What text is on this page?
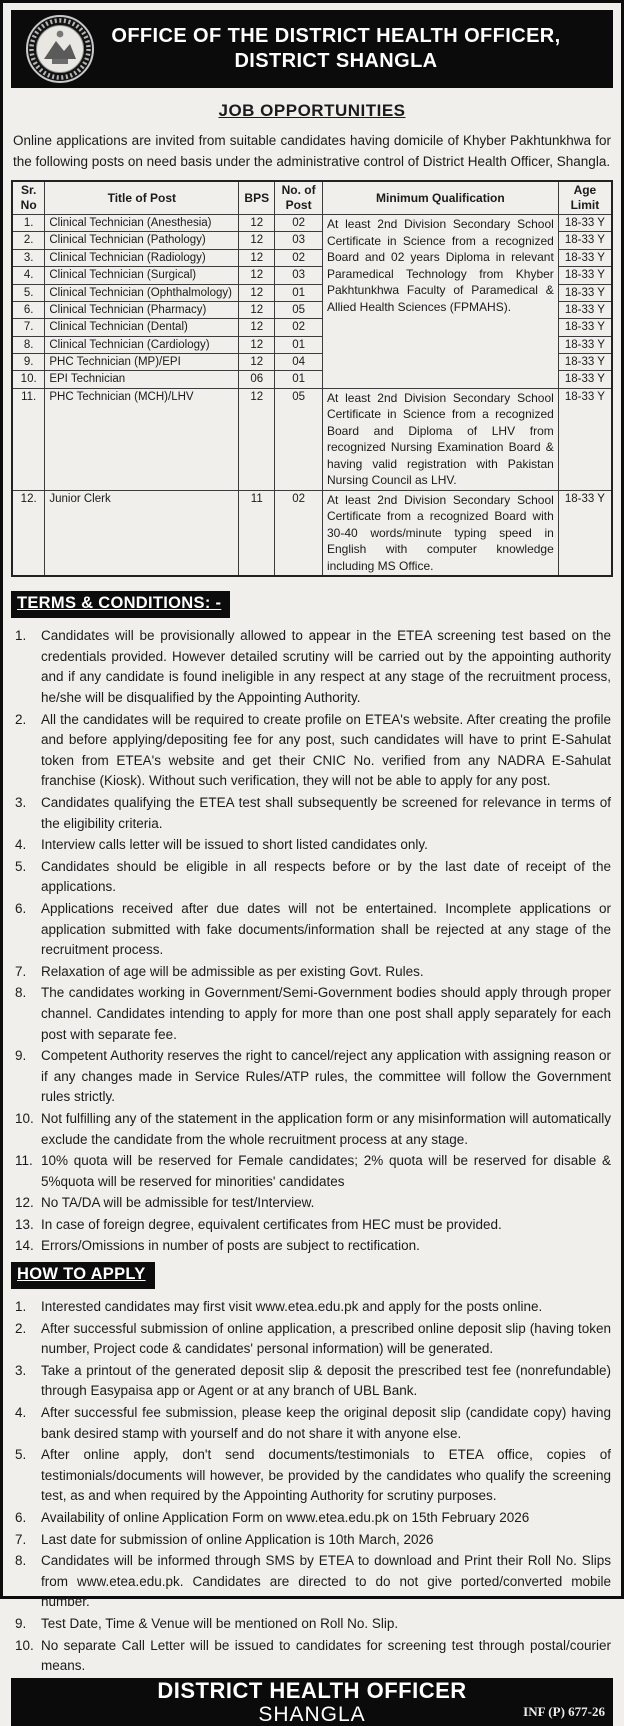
OFFICE OF THE DISTRICT HEALTH OFFICER,
DISTRICT SHANGLA
JOB OPPORTUNITIES

Online applications are invited from suitable candidates having domicile of Khyber Pakhtunkhwa for the following posts on need basis under the administrative control of District Health Officer, Shangla.

Sr. No	Title of Post	BPS	No. of Post	Minimum Qualification	Age Limit
1.	Clinical Technician (Anesthesia)	12	02	At least 2nd Division Secondary School Certificate in Science from a recognized Board and 02 years Diploma in relevant Paramedical Technology from Khyber Pakhtunkhwa Faculty of Paramedical & Allied Health Sciences (FPMAHS).	18-33 Y
2.	Clinical Technician (Pathology)	12	03		18-33 Y
3.	Clinical Technician (Radiology)	12	02		18-33 Y
4.	Clinical Technician (Surgical)	12	03		18-33 Y
5.	Clinical Technician (Ophthalmology)	12	01		18-33 Y
6.	Clinical Technician (Pharmacy)	12	05		18-33 Y
7.	Clinical Technician (Dental)	12	02		18-33 Y
8.	Clinical Technician (Cardiology)	12	01		18-33 Y
9.	PHC Technician (MP)/EPI	12	04		18-33 Y
10.	EPI Technician	06	01		18-33 Y
11.	PHC Technician (MCH)/LHV	12	05	At least 2nd Division Secondary School Certificate in Science from a recognized Board and Diploma of LHV from recognized Nursing Examination Board & having valid registration with Pakistan Nursing Council as LHV.	18-33 Y
12.	Junior Clerk	11	02	At least 2nd Division Secondary School Certificate from a recognized Board with 30-40 words/minute typing speed in English with computer knowledge including MS Office.	18-33 Y
TERMS & CONDITIONS: -
Candidates will be provisionally allowed to appear in the ETEA screening test based on the credentials provided. However detailed scrutiny will be carried out by the appointing authority and if any candidate is found ineligible in any respect at any stage of the recruitment process, he/she will be disqualified by the Appointing Authority.
All the candidates will be required to create profile on ETEA's website. After creating the profile and before applying/depositing fee for any post, such candidates will have to print E-Sahulat token from ETEA's website and get their CNIC No. verified from any NADRA E-Sahulat franchise (Kiosk). Without such verification, they will not be able to apply for any post.
Candidates qualifying the ETEA test shall subsequently be screened for relevance in terms of the eligibility criteria.
Interview calls letter will be issued to short listed candidates only.
Candidates should be eligible in all respects before or by the last date of receipt of the applications.
Applications received after due dates will not be entertained. Incomplete applications or application submitted with fake documents/information shall be rejected at any stage of the recruitment process.
Relaxation of age will be admissible as per existing Govt. Rules.
The candidates working in Government/Semi-Government bodies should apply through proper channel. Candidates intending to apply for more than one post shall apply separately for each post with separate fee.
Competent Authority reserves the right to cancel/reject any application with assigning reason or if any changes made in Service Rules/ATP rules, the committee will follow the Government rules strictly.
Not fulfilling any of the statement in the application form or any misinformation will automatically exclude the candidate from the whole recruitment process at any stage.
10% quota will be reserved for Female candidates; 2% quota will be reserved for disable & 5%quota will be reserved for minorities' candidates
No TA/DA will be admissible for test/Interview.
In case of foreign degree, equivalent certificates from HEC must be provided.
Errors/Omissions in number of posts are subject to rectification.
HOW TO APPLY
Interested candidates may first visit www.etea.edu.pk and apply for the posts online.
After successful submission of online application, a prescribed online deposit slip (having token number, Project code & candidates' personal information) will be generated.
Take a printout of the generated deposit slip & deposit the prescribed test fee (nonrefundable) through Easypaisa app or Agent or at any branch of UBL Bank.
After successful fee submission, please keep the original deposit slip (candidate copy) having bank desired stamp with yourself and do not share it with anyone else.
After online apply, don't send documents/testimonials to ETEA office, copies of testimonials/documents will however, be provided by the candidates who qualify the screening test, as and when required by the Appointing Authority for scrutiny purposes.
Availability of online Application Form on www.etea.edu.pk on 15th February 2026
Last date for submission of online Application is 10th March, 2026
Candidates will be informed through SMS by ETEA to download and Print their Roll No. Slips from www.etea.edu.pk. Candidates are directed to do not give ported/converted mobile number.
Test Date, Time & Venue will be mentioned on Roll No. Slip.
No separate Call Letter will be issued to candidates for screening test through postal/courier means.
DISTRICT HEALTH OFFICER
SHANGLA	INF (P) 677-26
